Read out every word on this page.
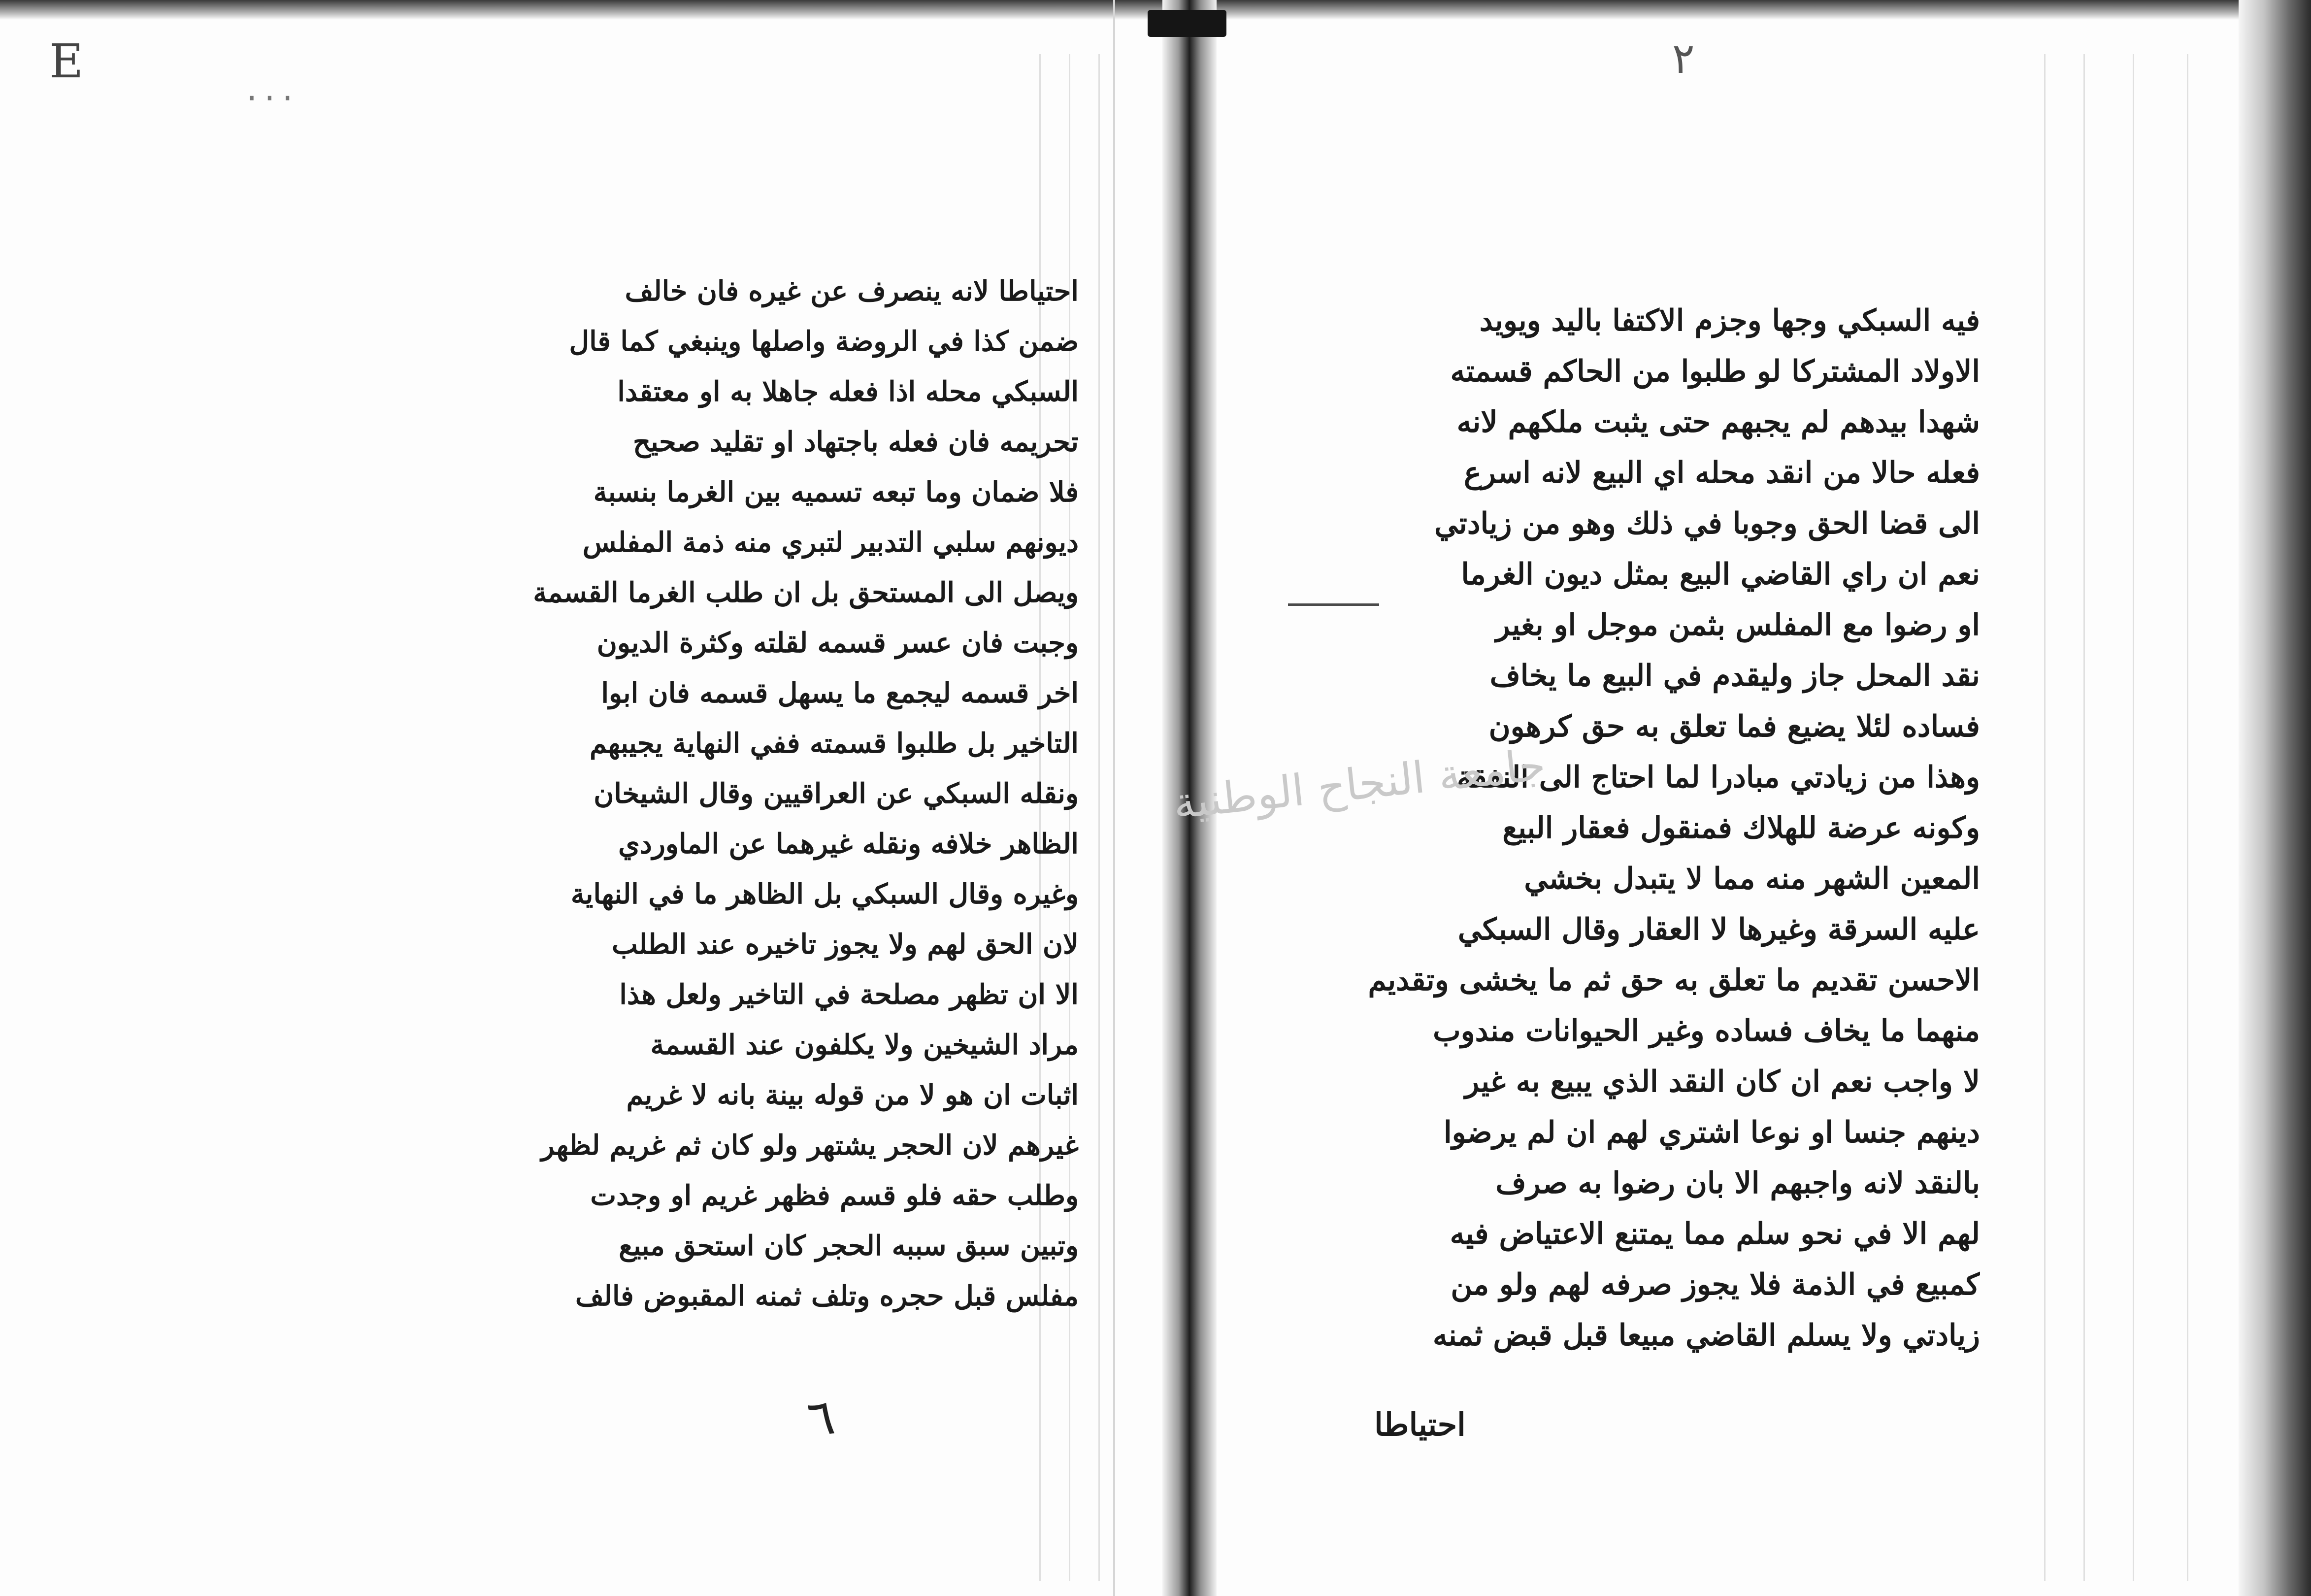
E
‧‧‧
٢
احتياطا لانه ينصرف عن غيره فان خالف
ضمن كذا في الروضة واصلها وينبغي كما قال
السبكي محله اذا فعله جاهلا به او معتقدا
تحريمه فان فعله باجتهاد او تقليد صحيح
فلا ضمان وما تبعه تسميه بين الغرما بنسبة
ديونهم سلبي التدبير لتبري منه ذمة المفلس
ويصل الى المستحق بل ان طلب الغرما القسمة
وجبت فان عسر قسمه لقلته وكثرة الديون
اخر قسمه ليجمع ما يسهل قسمه فان ابوا
التاخير بل طلبوا قسمته ففي النهاية يجيبهم
ونقله السبكي عن العراقيين وقال الشيخان
الظاهر خلافه ونقله غيرهما عن الماوردي
وغيره وقال السبكي بل الظاهر ما في النهاية
لان الحق لهم ولا يجوز تاخيره عند الطلب
الا ان تظهر مصلحة في التاخير ولعل هذا
مراد الشيخين ولا يكلفون عند القسمة
اثبات ان هو لا من قوله بينة بانه لا غريم
غيرهم لان الحجر يشتهر ولو كان ثم غريم لظهر
وطلب حقه فلو قسم فظهر غريم او وجدت
وتبين سبق سببه الحجر كان استحق مبيع
مفلس قبل حجره وتلف ثمنه المقبوض فالف
فيه السبكي وجها وجزم الاكتفا باليد ويويد
الاولاد المشتركا لو طلبوا من الحاكم قسمته
شهدا بيدهم لم يجبهم حتى يثبت ملكهم لانه
فعله حالا من انقد محله اي البيع لانه اسرع
الى قضا الحق وجوبا في ذلك وهو من زيادتي
نعم ان راي القاضي البيع بمثل ديون الغرما
او رضوا مع المفلس بثمن موجل او بغير
نقد المحل جاز وليقدم في البيع ما يخاف
فساده لئلا يضيع فما تعلق به حق كرهون
وهذا من زيادتي مبادرا لما احتاج الى النفقة
وكونه عرضة للهلاك فمنقول فعقار البيع
المعين الشهر منه مما لا يتبدل بخشي
عليه السرقة وغيرها لا العقار وقال السبكي
الاحسن تقديم ما تعلق به حق ثم ما يخشى وتقديم
منهما ما يخاف فساده وغير الحيوانات مندوب
لا واجب نعم ان كان النقد الذي يبيع به غير
دينهم جنسا او نوعا اشتري لهم ان لم يرضوا
بالنقد لانه واجبهم الا بان رضوا به صرف
لهم الا في نحو سلم مما يمتنع الاعتياض فيه
كمبيع في الذمة فلا يجوز صرفه لهم ولو من
زيادتي ولا يسلم القاضي مبيعا قبل قبض ثمنه
احتياطا
٦
جامعة النجاح الوطنية
